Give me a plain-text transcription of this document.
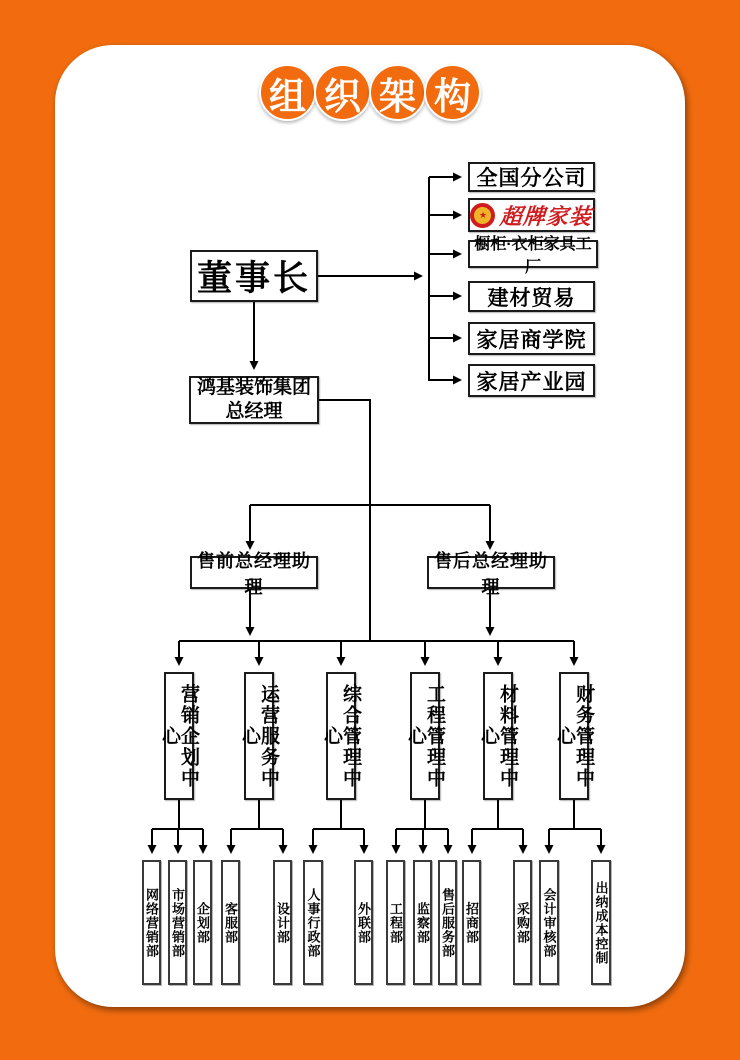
组 织 架 构
董事长
全国分公司
★ 超牌家装
橱柜·衣柜家具工厂
建材贸易
家居商学院
家居产业园
鸿基装饰集团
总经理
售前总经理助理
售后总经理助理
营销企划中心	运营服务中心	综合管理中心	工程管理中心	材料管理中心	财务管理中心
网络营销部 市场营销部 企划部 客服部	设计部 人事行政部	外联部 工程部 监察部 售后服务部 招商部	采购部 会计审核部	出纳成本控制
